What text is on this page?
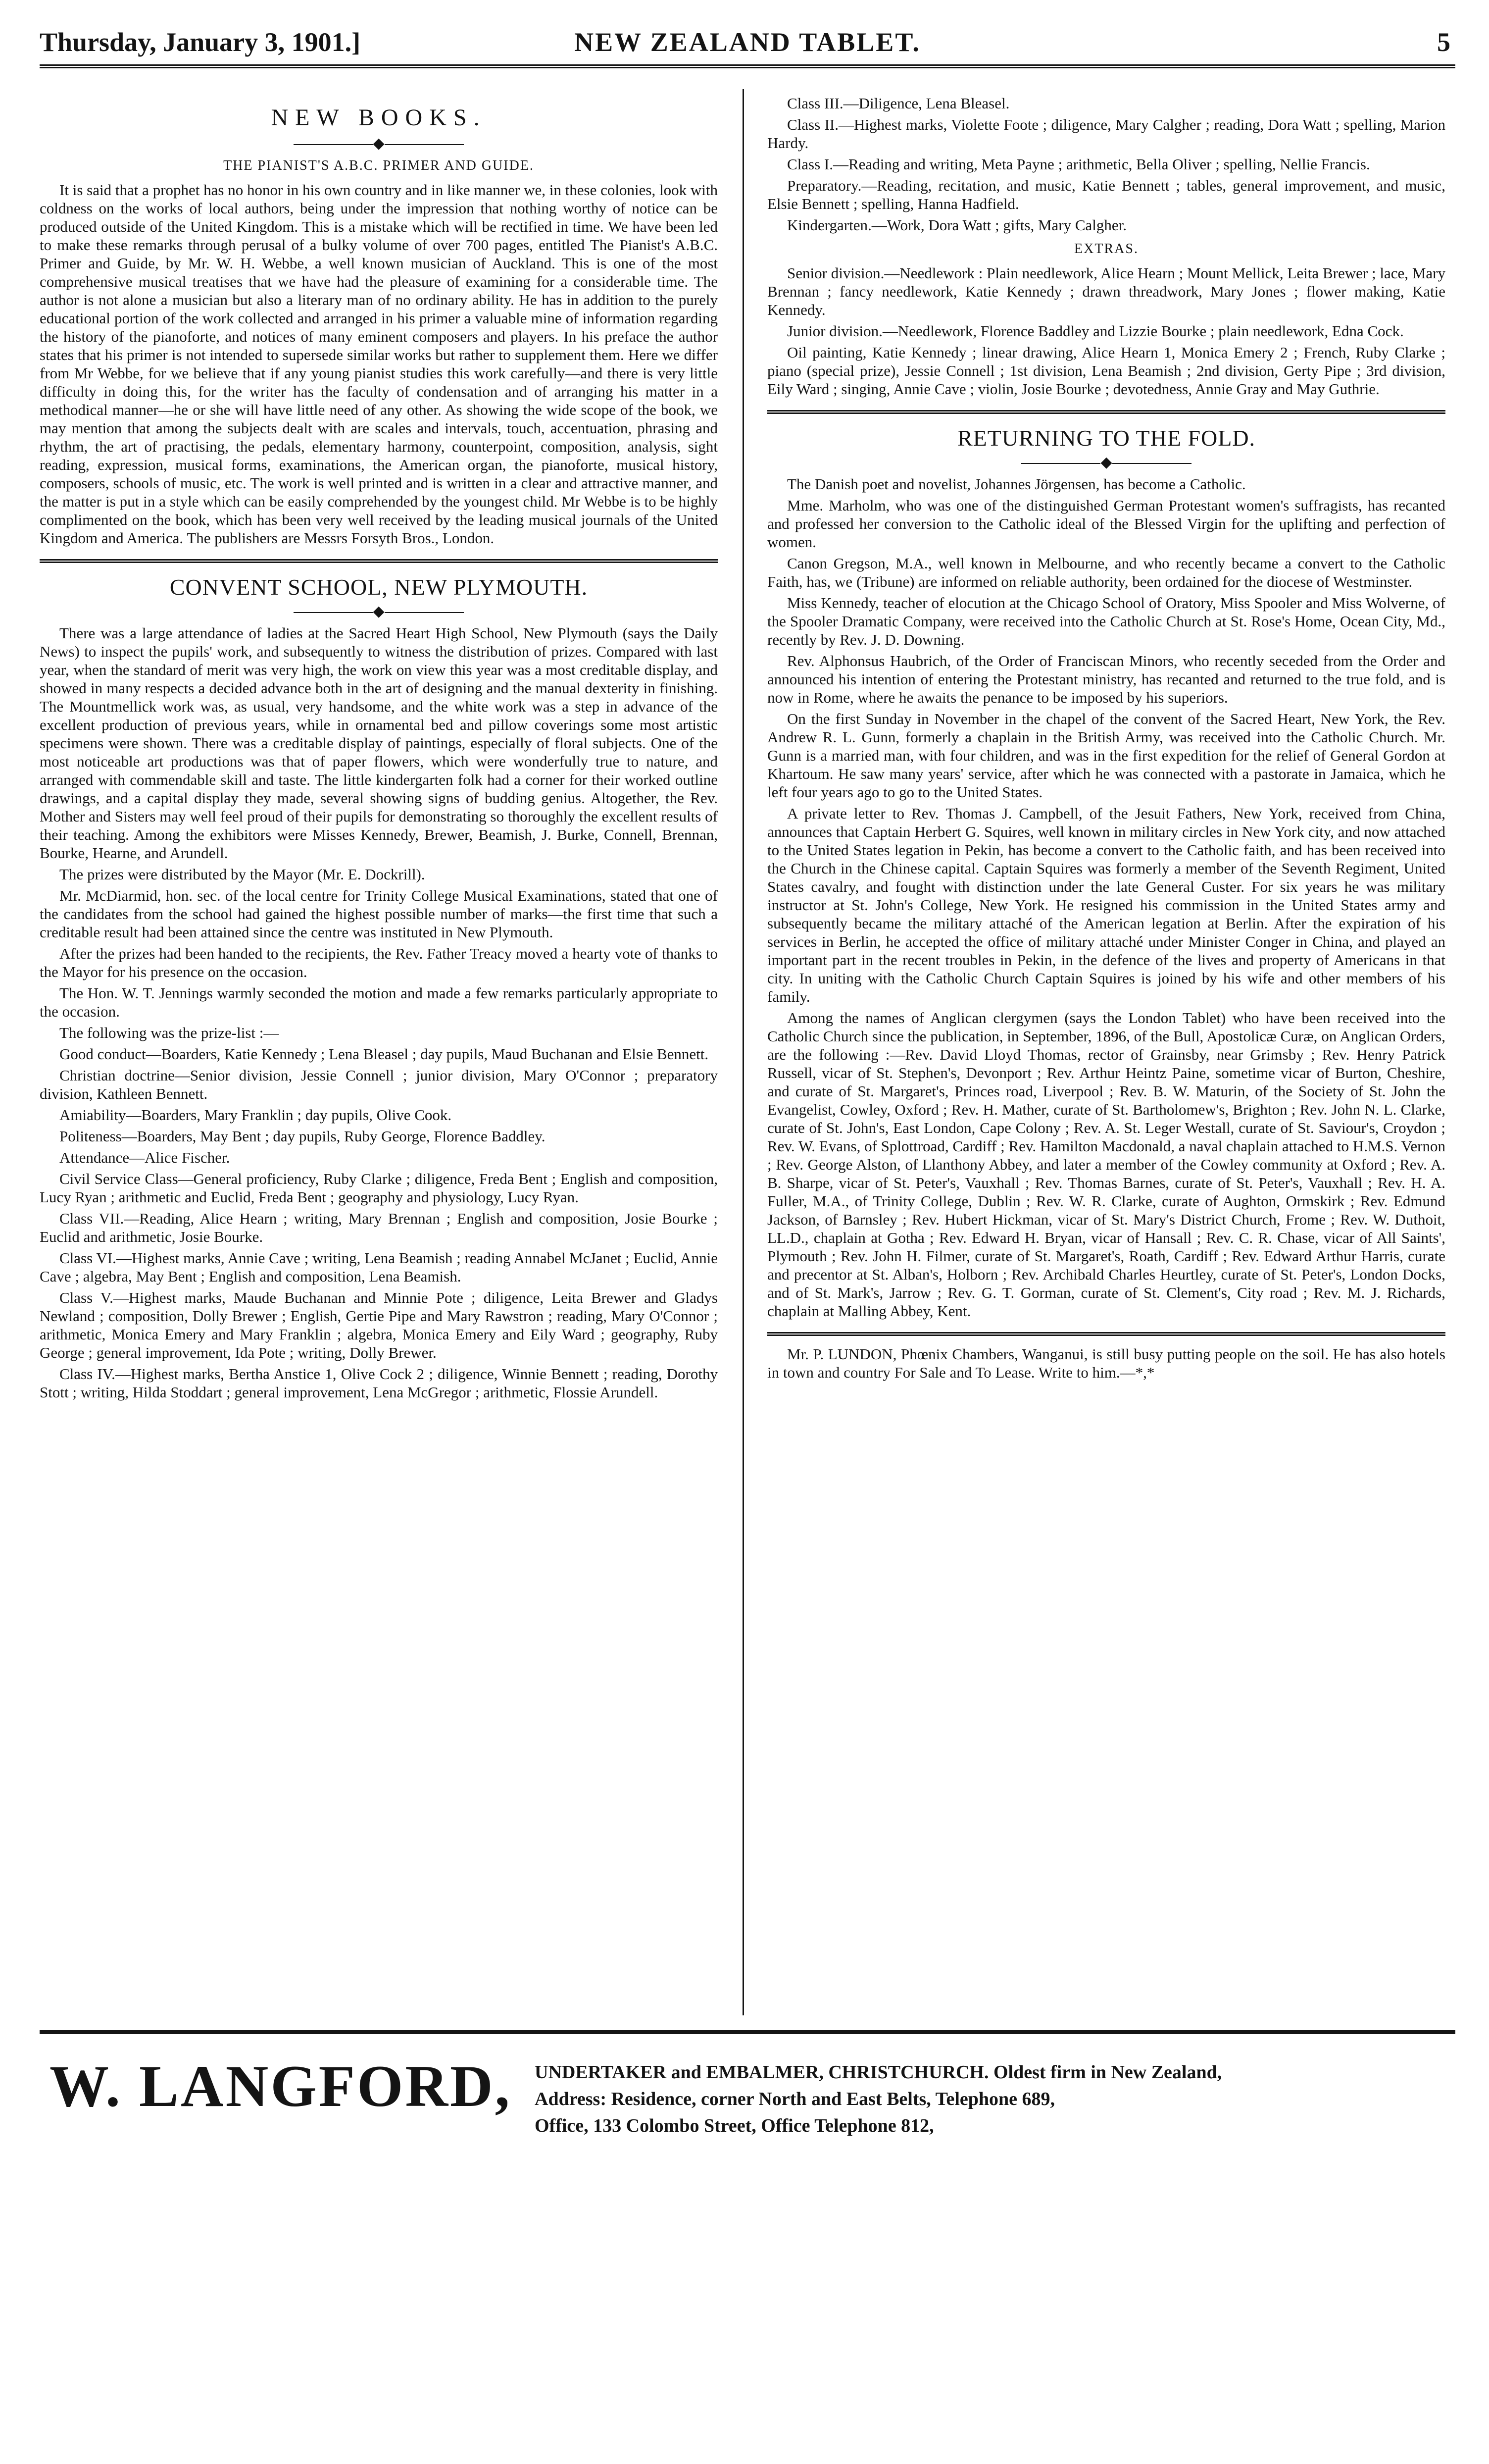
Thursday, January 3, 1901.]	NEW ZEALAND TABLET.	5
NEW BOOKS.
◆
THE PIANIST'S A.B.C. PRIMER AND GUIDE.

It is said that a prophet has no honor in his own country and in like manner we, in these colonies, look with coldness on the works of local authors, being under the impression that nothing worthy of notice can be produced outside of the United Kingdom. This is a mistake which will be rectified in time. We have been led to make these remarks through perusal of a bulky volume of over 700 pages, entitled The Pianist's A.B.C. Primer and Guide, by Mr. W. H. Webbe, a well known musician of Auckland. This is one of the most comprehensive musical treatises that we have had the pleasure of examining for a considerable time. The author is not alone a musician but also a literary man of no ordinary ability. He has in addition to the purely educational portion of the work collected and arranged in his primer a valuable mine of information regarding the history of the pianoforte, and notices of many eminent composers and players. In his preface the author states that his primer is not intended to supersede similar works but rather to supplement them. Here we differ from Mr Webbe, for we believe that if any young pianist studies this work carefully—and there is very little difficulty in doing this, for the writer has the faculty of condensation and of arranging his matter in a methodical manner—he or she will have little need of any other. As showing the wide scope of the book, we may mention that among the subjects dealt with are scales and intervals, touch, accentuation, phrasing and rhythm, the art of practising, the pedals, elementary harmony, counterpoint, composition, analysis, sight reading, expression, musical forms, examinations, the American organ, the pianoforte, musical history, composers, schools of music, etc. The work is well printed and is written in a clear and attractive manner, and the matter is put in a style which can be easily comprehended by the youngest child. Mr Webbe is to be highly complimented on the book, which has been very well received by the leading musical journals of the United Kingdom and America. The publishers are Messrs Forsyth Bros., London.

CONVENT SCHOOL, NEW PLYMOUTH.
◆

There was a large attendance of ladies at the Sacred Heart High School, New Plymouth (says the Daily News) to inspect the pupils' work, and subsequently to witness the distribution of prizes. Compared with last year, when the standard of merit was very high, the work on view this year was a most creditable display, and showed in many respects a decided advance both in the art of designing and the manual dexterity in finishing. The Mountmellick work was, as usual, very handsome, and the white work was a step in advance of the excellent production of previous years, while in ornamental bed and pillow coverings some most artistic specimens were shown. There was a creditable display of paintings, especially of floral subjects. One of the most noticeable art productions was that of paper flowers, which were wonderfully true to nature, and arranged with commendable skill and taste. The little kindergarten folk had a corner for their worked outline drawings, and a capital display they made, several showing signs of budding genius. Altogether, the Rev. Mother and Sisters may well feel proud of their pupils for demonstrating so thoroughly the excellent results of their teaching. Among the exhibitors were Misses Kennedy, Brewer, Beamish, J. Burke, Connell, Brennan, Bourke, Hearne, and Arundell.

The prizes were distributed by the Mayor (Mr. E. Dockrill).

Mr. McDiarmid, hon. sec. of the local centre for Trinity College Musical Examinations, stated that one of the candidates from the school had gained the highest possible number of marks—the first time that such a creditable result had been attained since the centre was instituted in New Plymouth.

After the prizes had been handed to the recipients, the Rev. Father Treacy moved a hearty vote of thanks to the Mayor for his presence on the occasion.

The Hon. W. T. Jennings warmly seconded the motion and made a few remarks particularly appropriate to the occasion.

The following was the prize-list :—

Good conduct—Boarders, Katie Kennedy ; Lena Bleasel ; day pupils, Maud Buchanan and Elsie Bennett.

Christian doctrine—Senior division, Jessie Connell ; junior division, Mary O'Connor ; preparatory division, Kathleen Bennett.

Amiability—Boarders, Mary Franklin ; day pupils, Olive Cook.

Politeness—Boarders, May Bent ; day pupils, Ruby George, Florence Baddley.

Attendance—Alice Fischer.

Civil Service Class—General proficiency, Ruby Clarke ; diligence, Freda Bent ; English and composition, Lucy Ryan ; arithmetic and Euclid, Freda Bent ; geography and physiology, Lucy Ryan.

Class VII.—Reading, Alice Hearn ; writing, Mary Brennan ; English and composition, Josie Bourke ; Euclid and arithmetic, Josie Bourke.

Class VI.—Highest marks, Annie Cave ; writing, Lena Beamish ; reading Annabel McJanet ; Euclid, Annie Cave ; algebra, May Bent ; English and composition, Lena Beamish.

Class V.—Highest marks, Maude Buchanan and Minnie Pote ; diligence, Leita Brewer and Gladys Newland ; composition, Dolly Brewer ; English, Gertie Pipe and Mary Rawstron ; reading, Mary O'Connor ; arithmetic, Monica Emery and Mary Franklin ; algebra, Monica Emery and Eily Ward ; geography, Ruby George ; general improvement, Ida Pote ; writing, Dolly Brewer.

Class IV.—Highest marks, Bertha Anstice 1, Olive Cock 2 ; diligence, Winnie Bennett ; reading, Dorothy Stott ; writing, Hilda Stoddart ; general improvement, Lena McGregor ; arithmetic, Flossie Arundell.

Class III.—Diligence, Lena Bleasel.

Class II.—Highest marks, Violette Foote ; diligence, Mary Calgher ; reading, Dora Watt ; spelling, Marion Hardy.

Class I.—Reading and writing, Meta Payne ; arithmetic, Bella Oliver ; spelling, Nellie Francis.

Preparatory.—Reading, recitation, and music, Katie Bennett ; tables, general improvement, and music, Elsie Bennett ; spelling, Hanna Hadfield.

Kindergarten.—Work, Dora Watt ; gifts, Mary Calgher.

EXTRAS.

Senior division.—Needlework : Plain needlework, Alice Hearn ; Mount Mellick, Leita Brewer ; lace, Mary Brennan ; fancy needlework, Katie Kennedy ; drawn threadwork, Mary Jones ; flower making, Katie Kennedy.

Junior division.—Needlework, Florence Baddley and Lizzie Bourke ; plain needlework, Edna Cock.

Oil painting, Katie Kennedy ; linear drawing, Alice Hearn 1, Monica Emery 2 ; French, Ruby Clarke ; piano (special prize), Jessie Connell ; 1st division, Lena Beamish ; 2nd division, Gerty Pipe ; 3rd division, Eily Ward ; singing, Annie Cave ; violin, Josie Bourke ; devotedness, Annie Gray and May Guthrie.

RETURNING TO THE FOLD.
◆

The Danish poet and novelist, Johannes Jörgensen, has become a Catholic.

Mme. Marholm, who was one of the distinguished German Protestant women's suffragists, has recanted and professed her conversion to the Catholic ideal of the Blessed Virgin for the uplifting and perfection of women.

Canon Gregson, M.A., well known in Melbourne, and who recently became a convert to the Catholic Faith, has, we (Tribune) are informed on reliable authority, been ordained for the diocese of Westminster.

Miss Kennedy, teacher of elocution at the Chicago School of Oratory, Miss Spooler and Miss Wolverne, of the Spooler Dramatic Company, were received into the Catholic Church at St. Rose's Home, Ocean City, Md., recently by Rev. J. D. Downing.

Rev. Alphonsus Haubrich, of the Order of Franciscan Minors, who recently seceded from the Order and announced his intention of entering the Protestant ministry, has recanted and returned to the true fold, and is now in Rome, where he awaits the penance to be imposed by his superiors.

On the first Sunday in November in the chapel of the convent of the Sacred Heart, New York, the Rev. Andrew R. L. Gunn, formerly a chaplain in the British Army, was received into the Catholic Church. Mr. Gunn is a married man, with four children, and was in the first expedition for the relief of General Gordon at Khartoum. He saw many years' service, after which he was connected with a pastorate in Jamaica, which he left four years ago to go to the United States.

A private letter to Rev. Thomas J. Campbell, of the Jesuit Fathers, New York, received from China, announces that Captain Herbert G. Squires, well known in military circles in New York city, and now attached to the United States legation in Pekin, has become a convert to the Catholic faith, and has been received into the Church in the Chinese capital. Captain Squires was formerly a member of the Seventh Regiment, United States cavalry, and fought with distinction under the late General Custer. For six years he was military instructor at St. John's College, New York. He resigned his commission in the United States army and subsequently became the military attaché of the American legation at Berlin. After the expiration of his services in Berlin, he accepted the office of military attaché under Minister Conger in China, and played an important part in the recent troubles in Pekin, in the defence of the lives and property of Americans in that city. In uniting with the Catholic Church Captain Squires is joined by his wife and other members of his family.

Among the names of Anglican clergymen (says the London Tablet) who have been received into the Catholic Church since the publication, in September, 1896, of the Bull, Apostolicæ Curæ, on Anglican Orders, are the following :—Rev. David Lloyd Thomas, rector of Grainsby, near Grimsby ; Rev. Henry Patrick Russell, vicar of St. Stephen's, Devonport ; Rev. Arthur Heintz Paine, sometime vicar of Burton, Cheshire, and curate of St. Margaret's, Princes road, Liverpool ; Rev. B. W. Maturin, of the Society of St. John the Evangelist, Cowley, Oxford ; Rev. H. Mather, curate of St. Bartholomew's, Brighton ; Rev. John N. L. Clarke, curate of St. John's, East London, Cape Colony ; Rev. A. St. Leger Westall, curate of St. Saviour's, Croydon ; Rev. W. Evans, of Splottroad, Cardiff ; Rev. Hamilton Macdonald, a naval chaplain attached to H.M.S. Vernon ; Rev. George Alston, of Llanthony Abbey, and later a member of the Cowley community at Oxford ; Rev. A. B. Sharpe, vicar of St. Peter's, Vauxhall ; Rev. Thomas Barnes, curate of St. Peter's, Vauxhall ; Rev. H. A. Fuller, M.A., of Trinity College, Dublin ; Rev. W. R. Clarke, curate of Aughton, Ormskirk ; Rev. Edmund Jackson, of Barnsley ; Rev. Hubert Hickman, vicar of St. Mary's District Church, Frome ; Rev. W. Duthoit, LL.D., chaplain at Gotha ; Rev. Edward H. Bryan, vicar of Hansall ; Rev. C. R. Chase, vicar of All Saints', Plymouth ; Rev. John H. Filmer, curate of St. Margaret's, Roath, Cardiff ; Rev. Edward Arthur Harris, curate and precentor at St. Alban's, Holborn ; Rev. Archibald Charles Heurtley, curate of St. Peter's, London Docks, and of St. Mark's, Jarrow ; Rev. G. T. Gorman, curate of St. Clement's, City road ; Rev. M. J. Richards, chaplain at Malling Abbey, Kent.

Mr. P. LUNDON, Phœnix Chambers, Wanganui, is still busy putting people on the soil. He has also hotels in town and country For Sale and To Lease. Write to him.—*,*

W. LANGFORD, UNDERTAKER and EMBALMER, CHRISTCHURCH. Oldest firm in New Zealand,
Address: Residence, corner North and East Belts, Telephone 689,
Office, 133 Colombo Street, Office Telephone 812,
